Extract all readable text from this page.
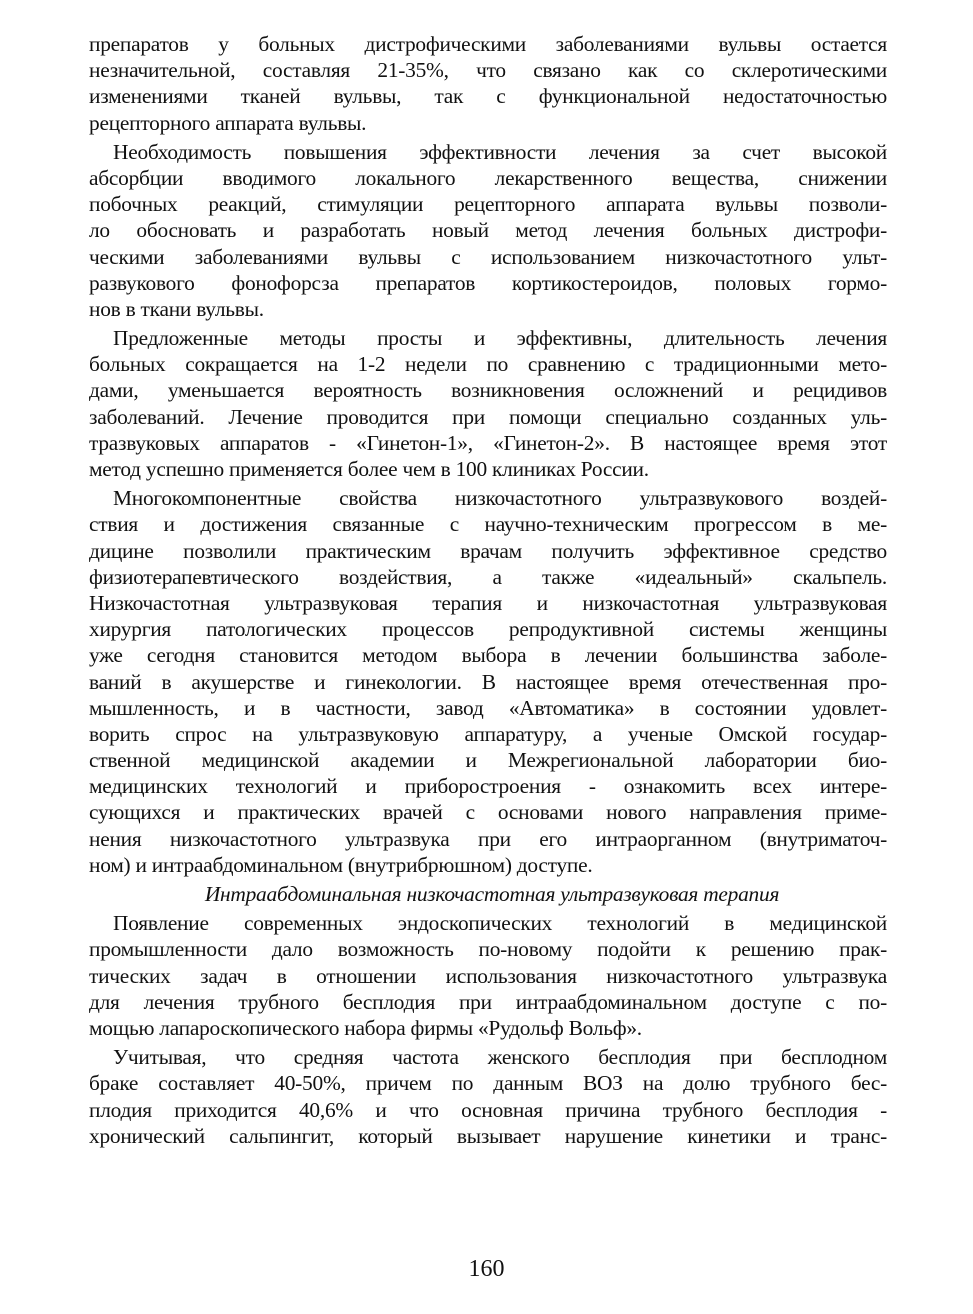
препаратов у больных дистрофическими заболеваниями вульвы остается
незначительной, составляя 21-35%, что связано как со склеротическими
изменениями тканей вульвы, так с функциональной недостаточностью
рецепторного аппарата вульвы.
Необходимость повышения эффективности лечения за счет высокой
абсорбции вводимого локального лекарственного вещества, снижении
побочных реакций, стимуляции рецепторного аппарата вульвы позволи-
ло обосновать и разработать новый метод лечения больных дистрофи-
ческими заболеваниями вульвы с использованием низкочастотного ульт-
развукового фонофорсза препаратов кортикостероидов, половых гормо-
нов в ткани вульвы.
Предложенные методы просты и эффективны, длительность лечения
больных сокращается на 1-2 недели по сравнению с традиционными мето-
дами, уменьшается вероятность возникновения осложнений и рецидивов
заболеваний. Лечение проводится при помощи специально созданных уль-
тразвуковых аппаратов - «Гинетон-1», «Гинетон-2». В настоящее время этот
метод успешно применяется более чем в 100 клиниках России.
Многокомпонентные свойства низкочастотного ультразвукового воздей-
ствия и достижения связанные с научно-техническим прогрессом в ме-
дицине позволили практическим врачам получить эффективное средство
физиотерапевтического воздействия, а также «идеальный» скальпель.
Низкочастотная ультразвуковая терапия и низкочастотная ультразвуковая
хирургия патологических процессов репродуктивной системы женщины
уже сегодня становится методом выбора в лечении большинства заболе-
ваний в акушерстве и гинекологии. В настоящее время отечественная про-
мышленность, и в частности, завод «Автоматика» в состоянии удовлет-
ворить спрос на ультразвуковую аппаратуру, а ученые Омской государ-
ственной медицинской академии и Межрегиональной лаборатории био-
медицинских технологий и приборостроения - ознакомить всех интере-
сующихся и практических врачей с основами нового направления приме-
нения низкочастотного ультразвука при его интраорганном (внутриматоч-
ном) и интраабдоминальном (внутрибрюшном) доступе.
Интраабдоминальная низкочастотная ультразвуковая терапия
Появление современных эндоскопических технологий в медицинской
промышленности дало возможность по-новому подойти к решению прак-
тических задач в отношении использования низкочастотного ультразвука
для лечения трубного бесплодия при интраабдоминальном доступе с по-
мощью лапароскопического набора фирмы «Рудольф Вольф».
Учитывая, что средняя частота женского бесплодия при бесплодном
браке составляет 40-50%, причем по данным ВОЗ на долю трубного бес-
плодия приходится 40,6% и что основная причина трубного бесплодия -
хронический сальпингит, который вызывает нарушение кинетики и транс-
160
